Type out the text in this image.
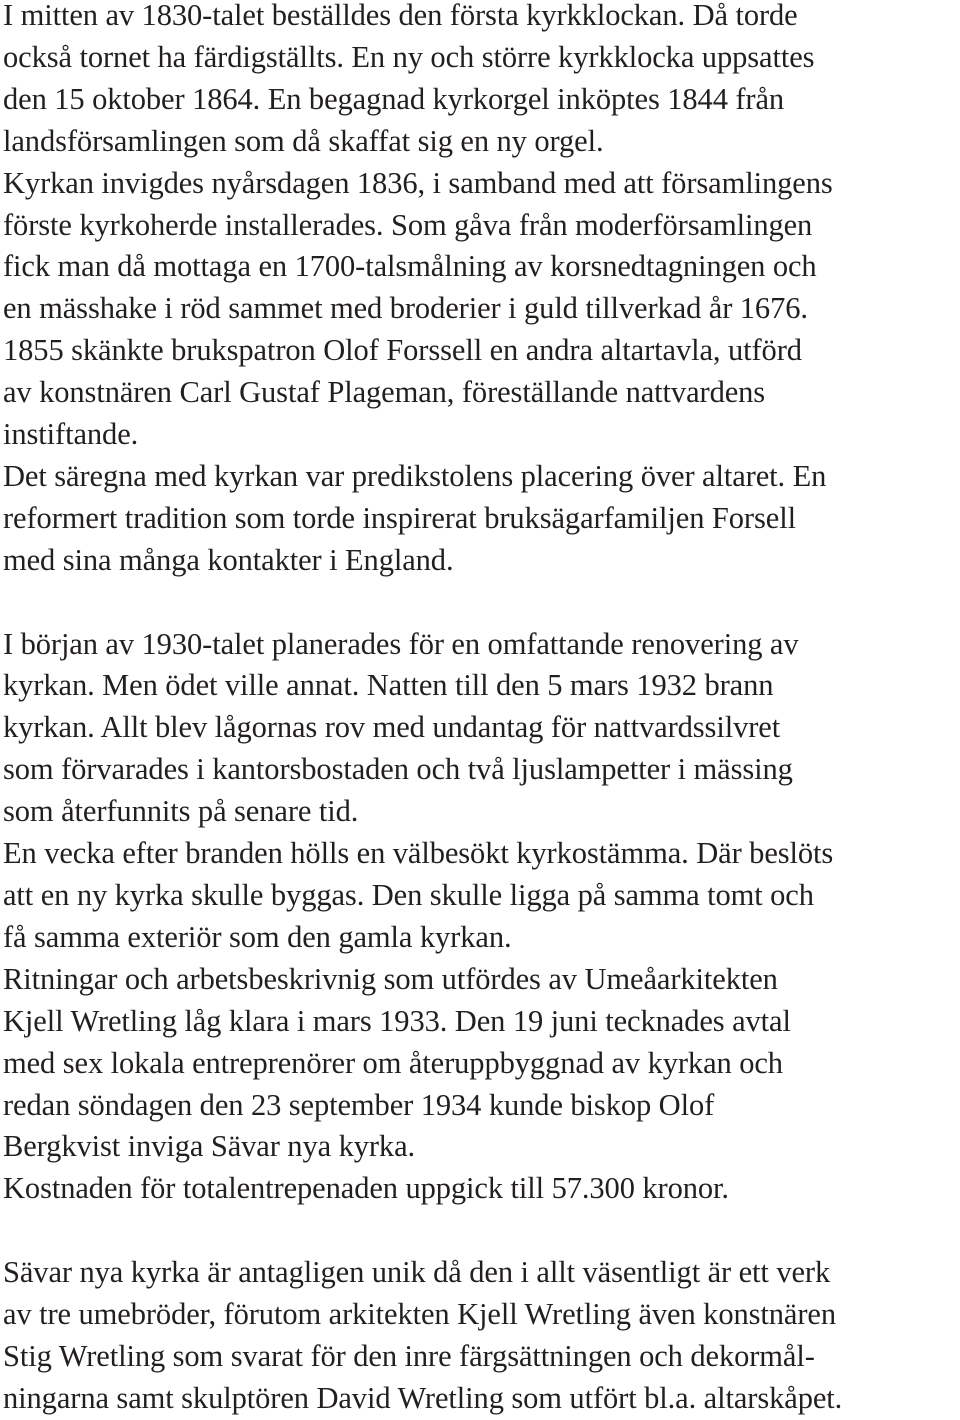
I mitten av 1830-talet beställdes den första kyrkklockan. Då torde
också tornet ha färdigställts. En ny och större kyrkklocka uppsattes
den 15 oktober 1864. En begagnad kyrkorgel inköptes 1844 från
landsförsamlingen som då skaffat sig en ny orgel.
Kyrkan invigdes nyårsdagen 1836, i samband med att församlingens
förste kyrkoherde installerades. Som gåva från moderförsamlingen
fick man då mottaga en 1700-talsmålning av korsnedtagningen och
en mässhake i röd sammet med broderier i guld tillverkad år 1676.
1855 skänkte brukspatron Olof Forssell en andra altartavla, utförd
av konstnären Carl Gustaf Plageman, föreställande nattvardens
instiftande.
Det säregna med kyrkan var predikstolens placering över altaret. En
reformert tradition som torde inspirerat bruksägarfamiljen Forsell
med sina många kontakter i England.
I början av 1930-talet planerades för en omfattande renovering av
kyrkan. Men ödet ville annat. Natten till den 5 mars 1932 brann
kyrkan. Allt blev lågornas rov med undantag för nattvardssilvret
som förvarades i kantorsbostaden och två ljuslampetter i mässing
som återfunnits på senare tid.
En vecka efter branden hölls en välbesökt kyrkostämma. Där beslöts
att en ny kyrka skulle byggas. Den skulle ligga på samma tomt och
få samma exteriör som den gamla kyrkan.
Ritningar och arbetsbeskrivnig som utfördes av Umeåarkitekten
Kjell Wretling låg klara i mars 1933. Den 19 juni tecknades avtal
med sex lokala entreprenörer om återuppbyggnad av kyrkan och
redan söndagen den 23 september 1934 kunde biskop Olof
Bergkvist inviga Sävar nya kyrka.
Kostnaden för totalentrepenaden uppgick till 57.300 kronor.
Sävar nya kyrka är antagligen unik då den i allt väsentligt är ett verk
av tre umebröder, förutom arkitekten Kjell Wretling även konstnären
Stig Wretling som svarat för den inre färgsättningen och dekormål-
ningarna samt skulptören David Wretling som utfört bl.a. altarskåpet.
